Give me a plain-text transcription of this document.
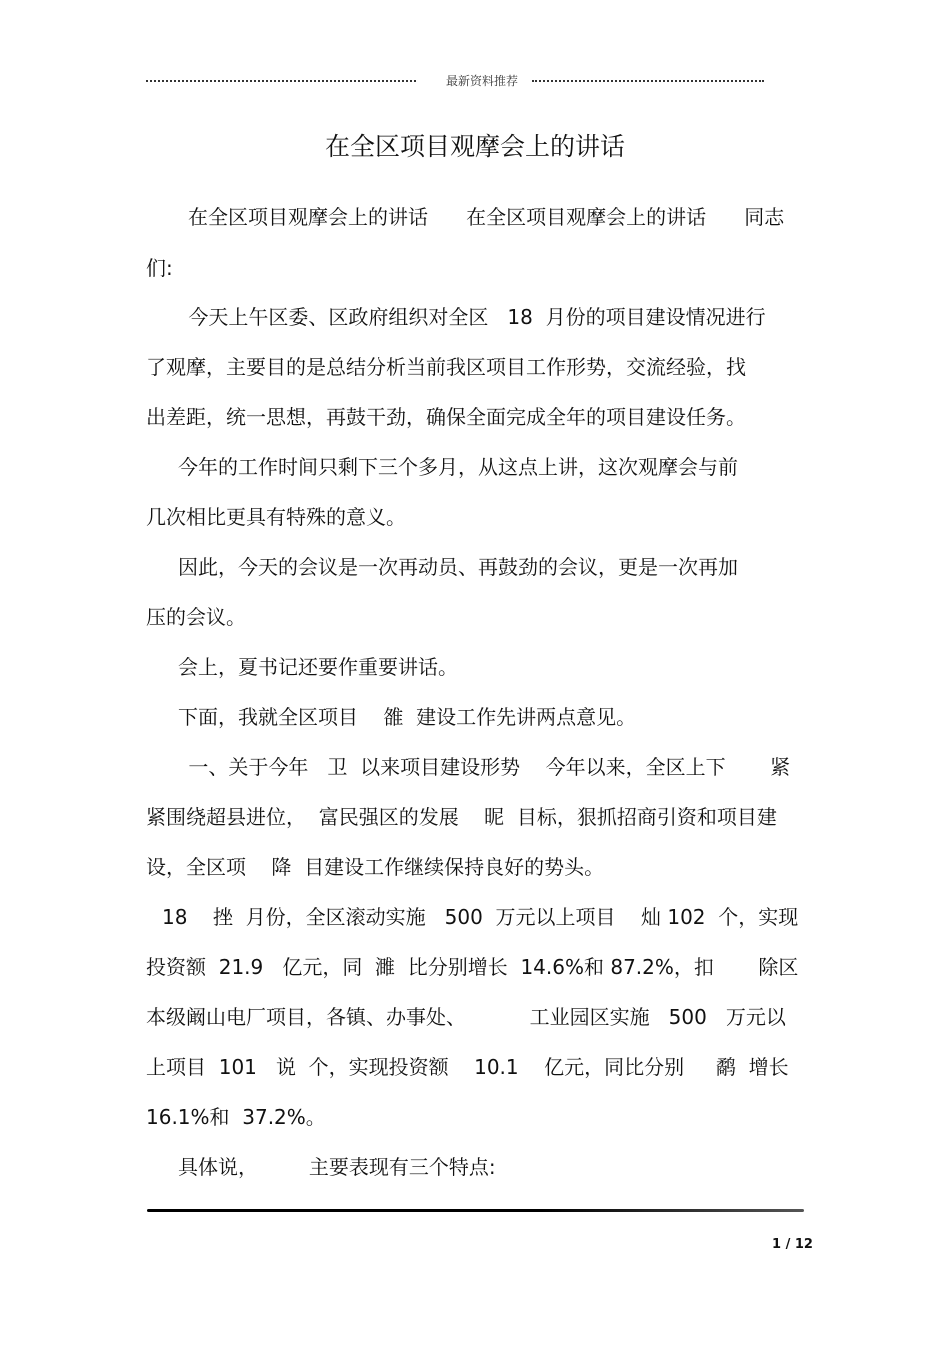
最新资料推荐
在全区项目观摩会上的讲话
在全区项目观摩会上的讲话      在全区项目观摩会上的讲话      同志
们:
今天上午区委、区政府组织对全区   18  月份的项目建设情况进行
了观摩，主要目的是总结分析当前我区项目工作形势，交流经验，找
出差距，统一思想，再鼓干劲，确保全面完成全年的项目建设任务。
今年的工作时间只剩下三个多月，从这点上讲，这次观摩会与前
几次相比更具有特殊的意义。
因此，今天的会议是一次再动员、再鼓劲的会议，更是一次再加
压的会议。
会上，夏书记还要作重要讲话。
下面，我就全区项目    雒  建设工作先讲两点意见。
一、关于今年   卫  以来项目建设形势    今年以来，全区上下       紧
紧围绕超县进位，  富民强区的发展    昵  目标，狠抓招商引资和项目建
设，全区项    降  目建设工作继续保持良好的势头。
18    挫  月份，全区滚动实施   500  万元以上项目    灿 102  个，实现
投资额  21.9   亿元，同  濉  比分别增长  14.6%和 87.2%，扣       除区
本级阚山电厂项目，各镇、办事处、          工业园区实施   500   万元以
上项目  101   说  个，实现投资额    10.1    亿元，同比分别     鹬  增长
16.1%和  37.2%。
具体说，        主要表现有三个特点:
1 / 12
